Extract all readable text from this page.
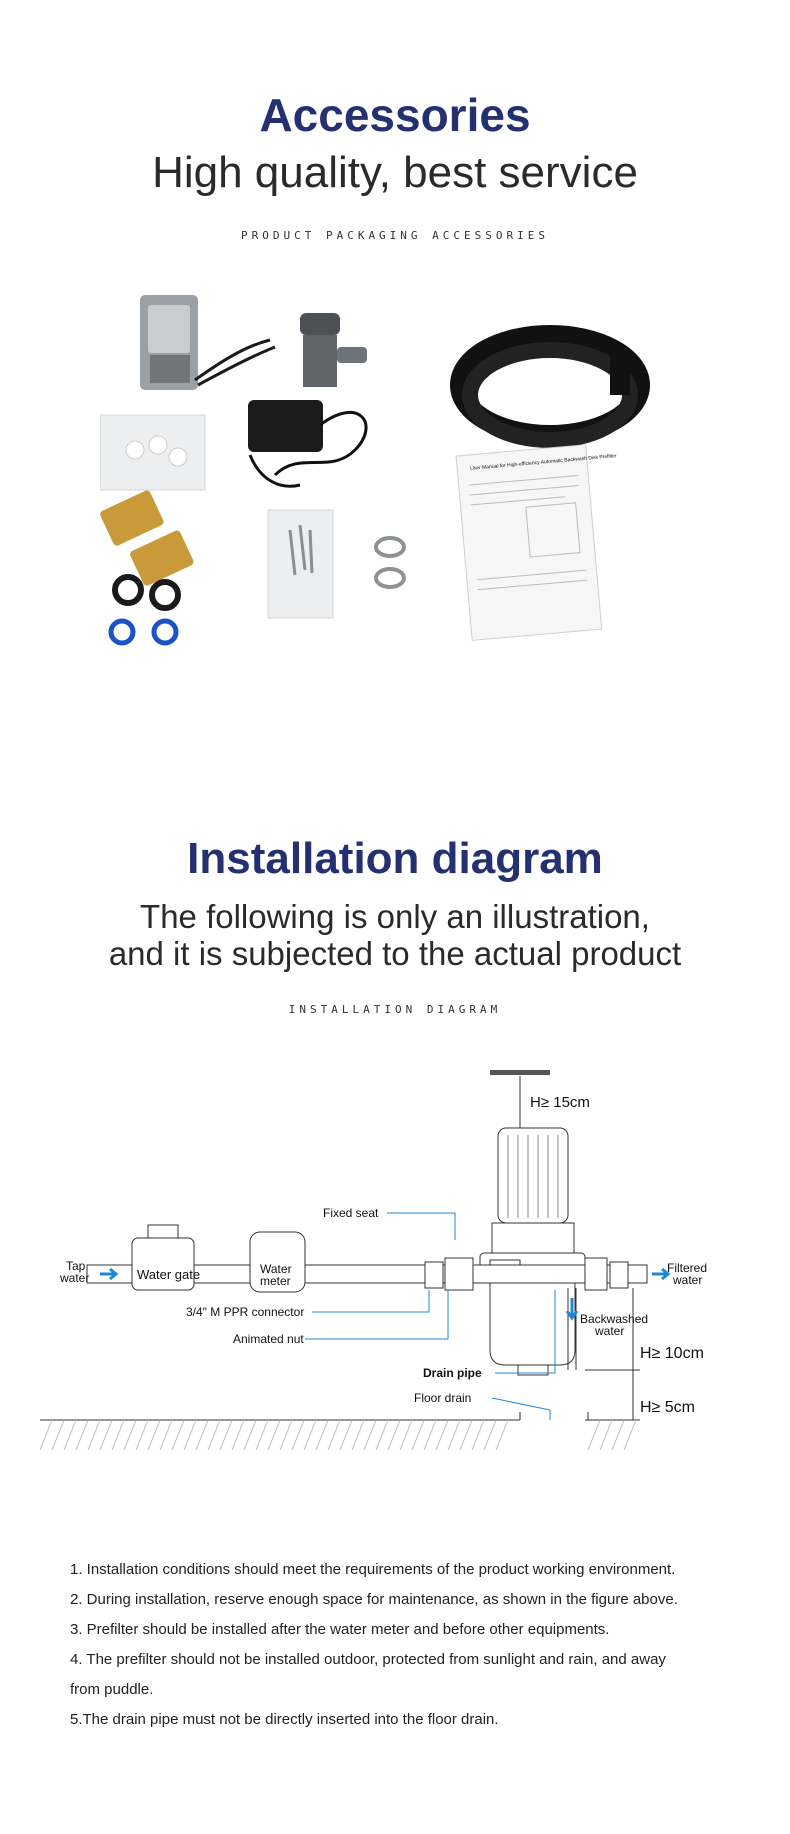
Accessories
High quality, best service
PRODUCT PACKAGING ACCESSORIES
User Manual for High-efficiency Automatic Backwash Disk Prefilter
Installation diagram
The following is only an illustration,
and it is subjected to the actual product
INSTALLATION DIAGRAM
H≥ 15cm
Tap
water	Water gate	Water
meter
Fixed seat
3/4" M PPR connector
Animated nut
Drain pipe
Floor drain
Filtered
water
Backwashed
water
H≥ 10cm
H≥ 5cm
1. Installation conditions should meet the requirements of the product working environment.
2. During installation, reserve enough space for maintenance, as shown in the figure above.
3. Prefilter should be installed after the water meter and before other equipments.
4. The prefilter should not be installed outdoor, protected from sunlight and rain, and away
from puddle.
5.The drain pipe must not be directly inserted into the floor drain.
